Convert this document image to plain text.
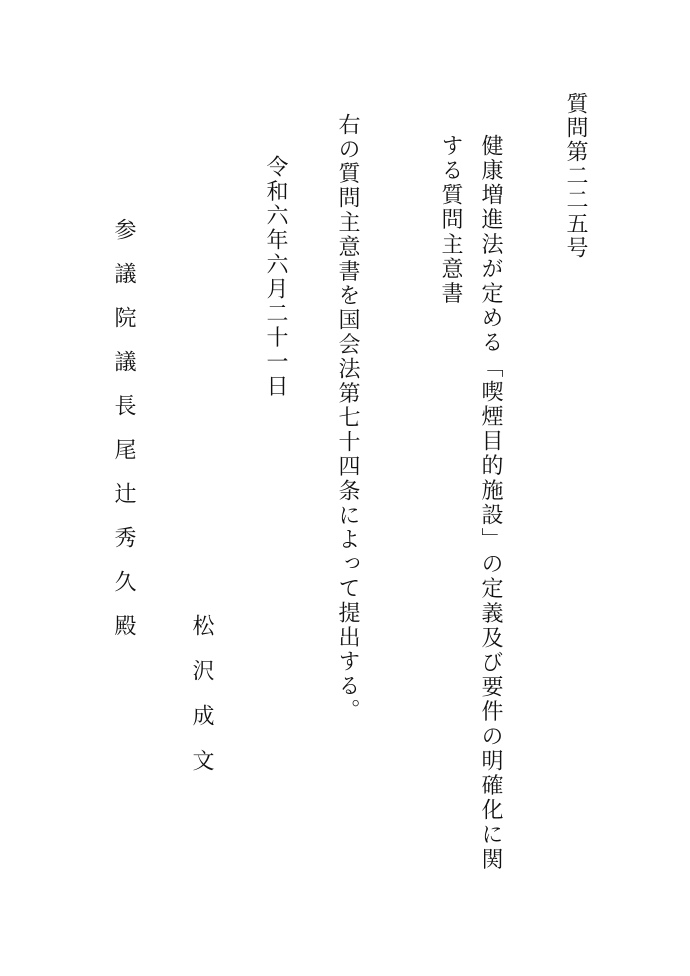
質問第二二五号
健康増進法が定める「喫煙目的施設」の定義及び要件の明確化に関する質問主意書
右の質問主意書を国会法第七十四条によって提出する。
令和六年六月二十一日
松沢成文
参議院議長尾辻秀久殿
